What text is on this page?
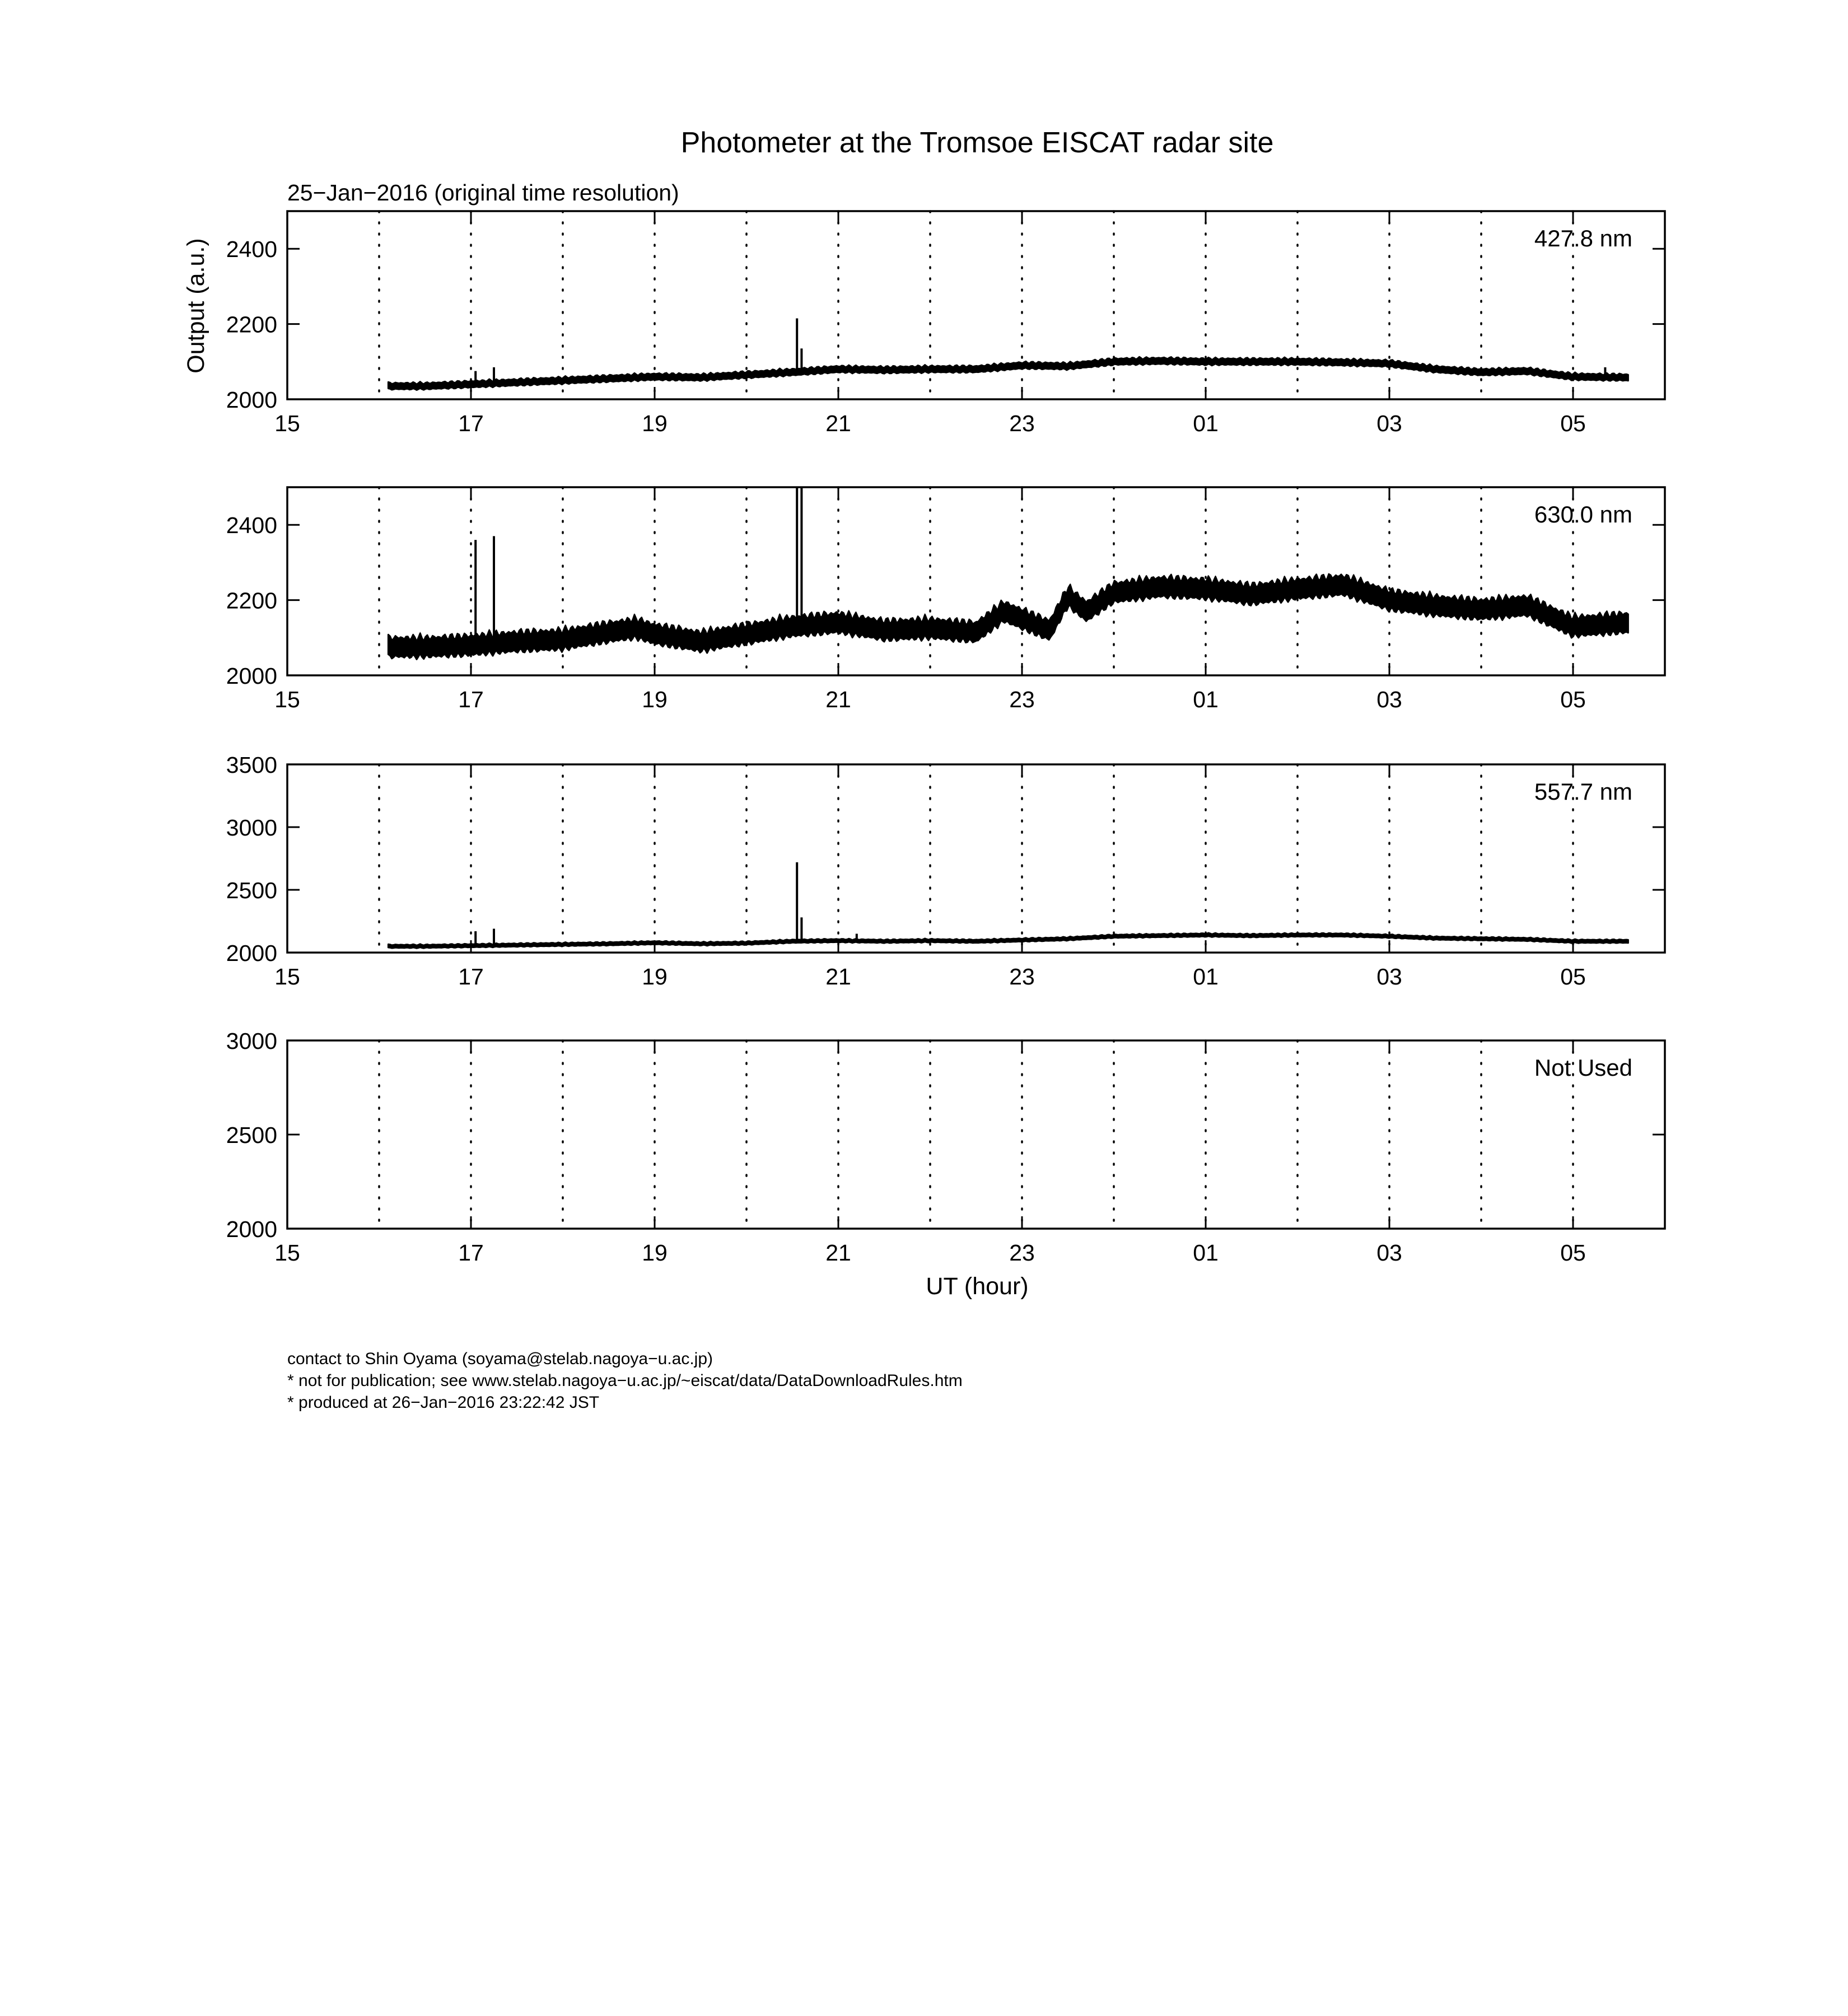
Photometer at the Tromsoe EISCAT radar site
25−Jan−2016 (original time resolution)
Output (a.u.)
UT (hour)
15	17	19	21	23	01	03	05
2000
2200
2400	427.8 nm
15	17	19	21	23	01	03	05
2000
2200
2400	630.0 nm
15	17	19	21	23	01	03	05
2000
2500
3000
3500
557.7 nm
15	17	19	21	23	01	03	05
2000
2500
3000
Not Used
contact to Shin Oyama (soyama@stelab.nagoya−u.ac.jp)
* not for publication; see www.stelab.nagoya−u.ac.jp/~eiscat/data/DataDownloadRules.htm
* produced at 26−Jan−2016 23:22:42 JST
